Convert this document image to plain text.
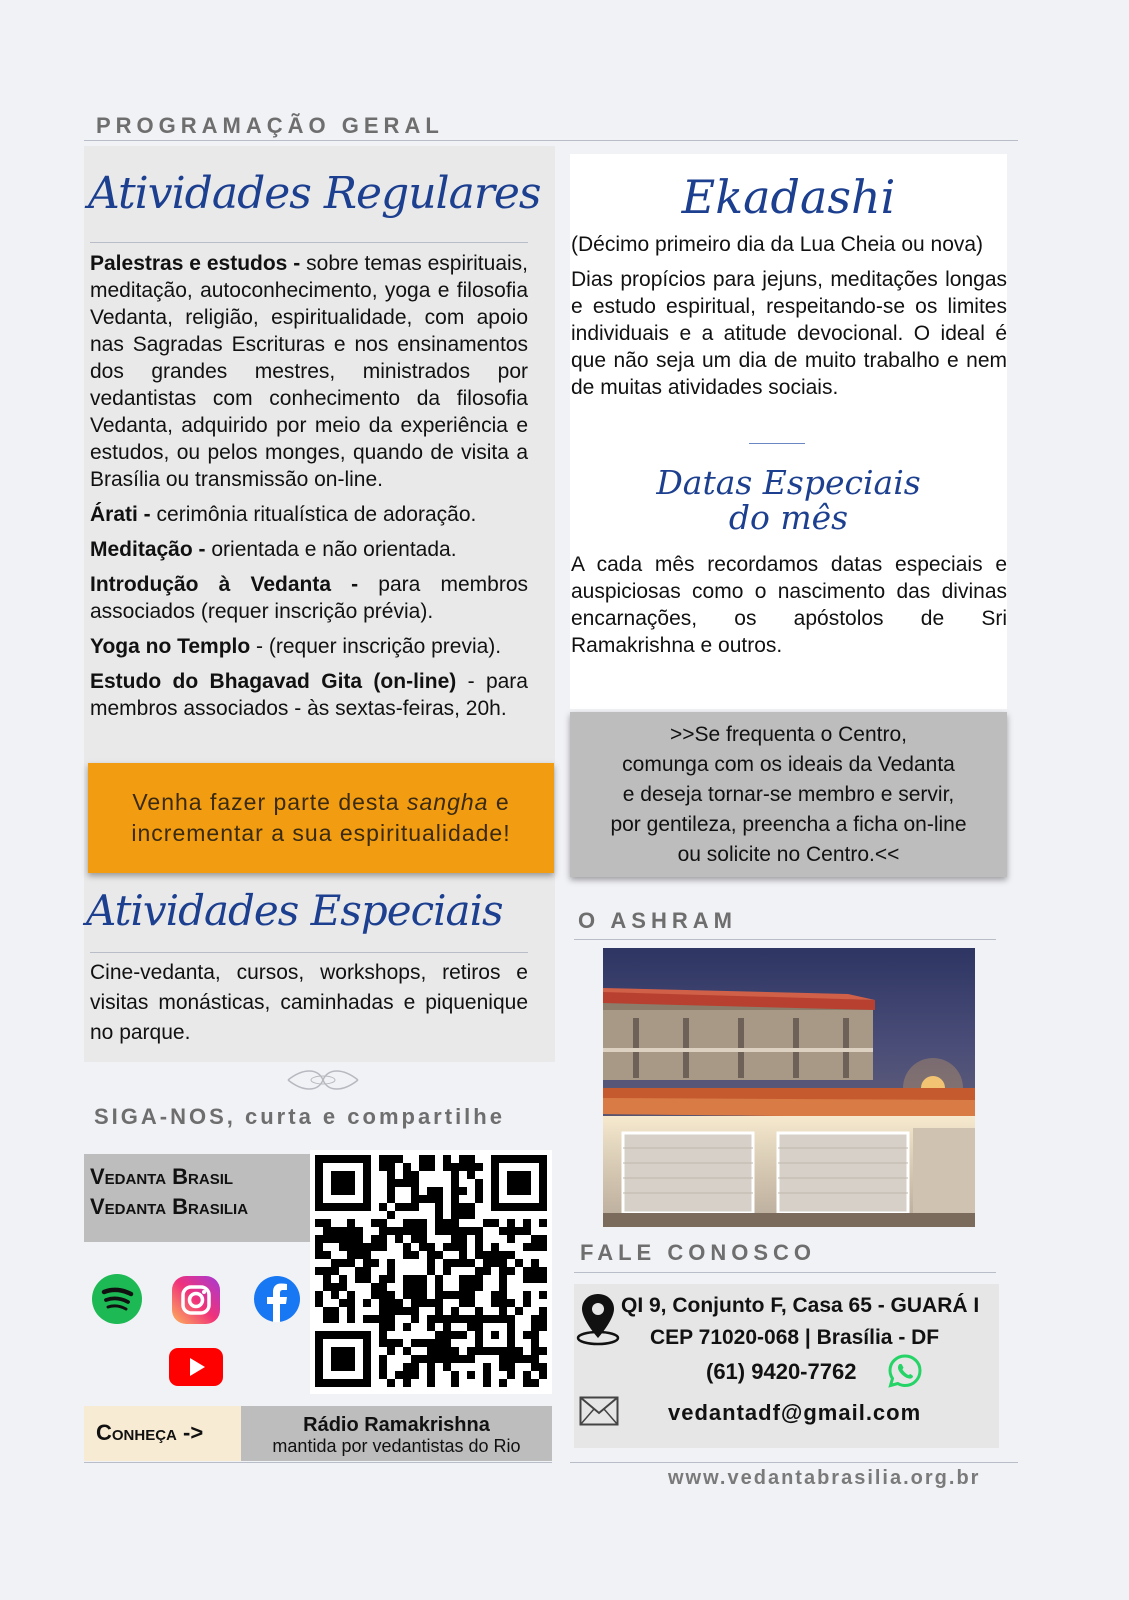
PROGRAMAÇÃO GERAL
Atividades Regulares

Palestras e estudos - sobre temas espirituais, meditação, autoconhecimento, yoga e filosofia Vedanta, religião, espiritualidade, com apoio nas Sagradas Escrituras e nos ensinamentos dos grandes mestres, ministrados por vedantistas com conhecimento da filosofia Vedanta, adquirido por meio da experiência e estudos, ou pelos monges, quando de visita a Brasília ou transmissão on-line.

Árati - cerimônia ritualística de adoração.

Meditação - orientada e não orientada.

Introdução à Vedanta - para membros associados (requer inscrição prévia).

Yoga no Templo - (requer inscrição previa).

Estudo do Bhagavad Gita (on-line) - para membros associados - às sextas-feiras, 20h.

Venha fazer parte desta sangha e
incrementar a sua espiritualidade!
Atividades Especiais

Cine-vedanta, cursos, workshops, retiros e visitas monásticas, caminhadas e piquenique no parque.

SIGA-NOS, curta e compartilhe
Vedanta Brasil
Vedanta Brasilia
Conheça ->	Rádio Ramakrishna
mantida por vedantistas do Rio
Ekadashi

(Décimo primeiro dia da Lua Cheia ou nova)

Dias propícios para jejuns, meditações longas e estudo espiritual, respeitando-se os limites individuais e a atitude devocional. O ideal é que não seja um dia de muito trabalho e nem de muitas atividades sociais.

Datas Especiais
do mês

A cada mês recordamos datas especiais e auspiciosas como o nascimento das divinas encarnações, os apóstolos de Sri Ramakrishna e outros.

>>Se frequenta o Centro,
comunga com os ideais da Vedanta
e deseja tornar-se membro e servir,
por gentileza, preencha a ficha on-line
ou solicite no Centro.<<
O ASHRAM
FALE CONOSCO
QI 9, Conjunto F, Casa 65 - GUARÁ I
CEP 71020-068 | Brasília - DF
(61) 9420-7762
vedantadf@gmail.com
www.vedantabrasilia.org.br
